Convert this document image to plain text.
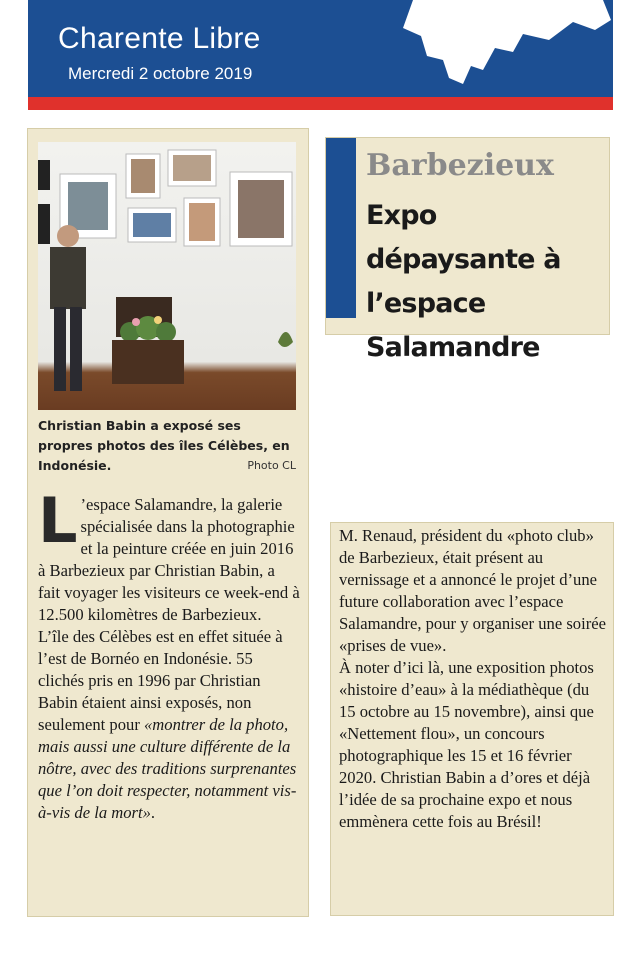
Charente Libre
Mercredi 2 octobre 2019
Christian Babin a exposé ses propres photos des îles Célèbes, en Indonésie.	Photo CL
L ’espace Salamandre, la galerie spécialisée dans la photographie et la peinture créée en juin 2016 à Barbezieux par Christian Babin, a fait voyager les visiteurs ce week-end à 12.500 kilomètres de Barbezieux.
L’île des Célèbes est en effet située à l’est de Bornéo en Indonésie. 55 clichés pris en 1996 par Christian Babin étaient ainsi exposés, non seulement pour «montrer de la photo, mais aussi une culture différente de la nôtre, avec des traditions surprenantes que l’on doit respecter, notamment vis-à-vis de la mort».
Barbezieux
Expo dépaysante à l’espace Salamandre
M. Renaud, président du «photo club» de Barbezieux, était présent au vernissage et a annoncé le projet d’une future collaboration avec l’espace Salamandre, pour y organiser une soirée «prises de vue».
À noter d’ici là, une exposition photos «histoire d’eau» à la médiathèque (du 15 octobre au 15 novembre), ainsi que «Nettement flou», un concours photographique les 15 et 16 février 2020. Christian Babin a d’ores et déjà l’idée de sa prochaine expo et nous emmènera cette fois au Brésil!
